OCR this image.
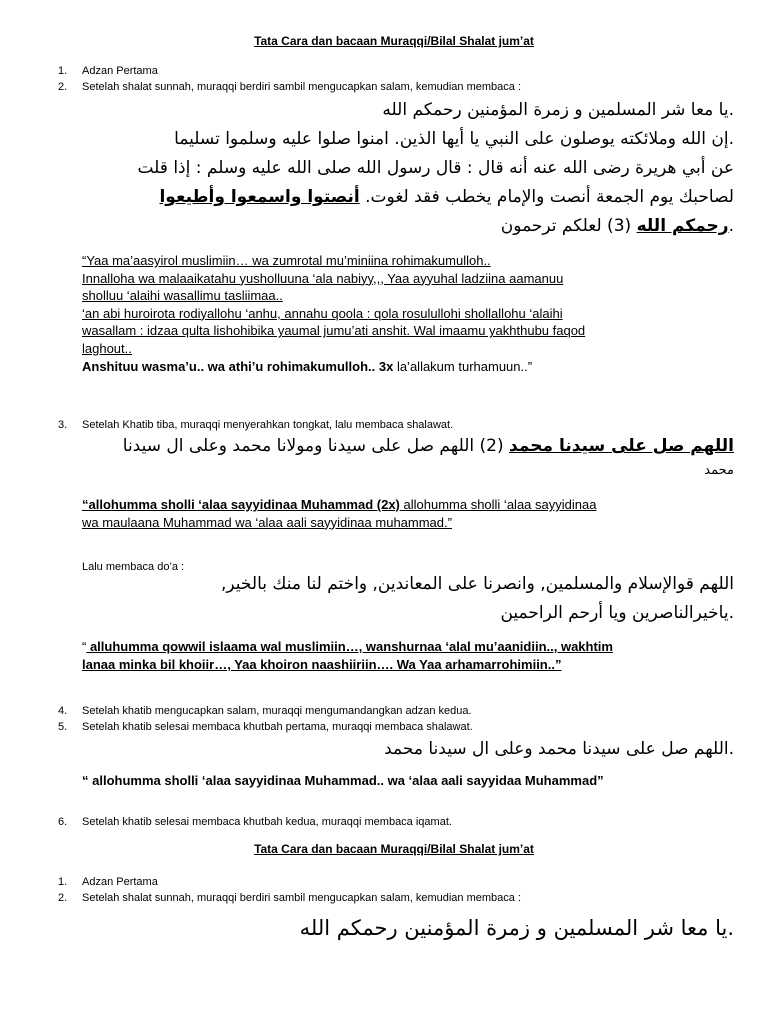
Tata Cara dan bacaan Muraqqi/Bilal Shalat jum’at
1. Adzan Pertama
2. Setelah shalat sunnah, muraqqi berdiri sambil mengucapkan salam, kemudian membaca :
.يا معا شر المسلمين و زمرة المؤمنين رحمكم الله
.إن الله وملائكته يوصلون على النبي يا أيها الذين. امنوا صلوا عليه وسلموا تسليما
عن أبي هريرة رضى الله عنه أنه قال : قال رسول الله صلى الله عليه وسلم : إذا قلت
لصاحبك يوم الجمعة أنصت والإمام يخطب فقد لغوت. أنصتوا واسمعوا وأطيعوا
.رحمكم الله (3) لعلكم ترحمون
“Yaa ma’aasyirol muslimiin… wa zumrotal mu’miniina rohimakumulloh..
Innalloha wa malaaikatahu yusholluuna ‘ala nabiyy,,, Yaa ayyuhal ladziina aamanuu
sholluu ‘alaihi wasallimu tasliimaa..
‘an abi huroirota rodiyallohu ‘anhu, annahu qoola : qola rosulullohi shollallohu ‘alaihi
wasallam : idzaa qulta lishohibika yaumal jumu’ati anshit. Wal imaamu yakhthubu faqod
laghout..
Anshituu wasma’u.. wa athi’u rohimakumulloh.. 3x la’allakum turhamuun..”
3. Setelah Khatib tiba, muraqqi menyerahkan tongkat, lalu membaca shalawat.
اللهم صل على سيدنا محمد (2) اللهم صل على سيدنا ومولانا محمد وعلى ال سيدنا
محمد
“allohumma sholli ‘alaa sayyidinaa Muhammad (2x) allohumma sholli ‘alaa sayyidinaa
wa maulaana Muhammad wa ‘alaa aali sayyidinaa muhammad.”
Lalu membaca do’a :
اللهم قوالإسلام والمسلمين, وانصرنا على المعاندين, واختم لنا منك بالخير,
.ياخيرالناصرين ويا أرحم الراحمين
“ alluhumma qowwil islaama wal muslimiin…, wanshurnaa ‘alal mu’aanidiin.., wakhtim
lanaa minka bil khoiir…, Yaa khoiron naashiiriin…. Wa Yaa arhamarrohimiin..”
4. Setelah khatib mengucapkan salam, muraqqi mengumandangkan adzan kedua.
5. Setelah khatib selesai membaca khutbah pertama, muraqqi membaca shalawat.
.اللهم صل على سيدنا محمد وعلى ال سيدنا محمد
“ allohumma sholli ‘alaa sayyidinaa Muhammad.. wa ‘alaa aali sayyidaa Muhammad”
6. Setelah khatib selesai membaca khutbah kedua, muraqqi membaca iqamat.
Tata Cara dan bacaan Muraqqi/Bilal Shalat jum’at
1. Adzan Pertama
2. Setelah shalat sunnah, muraqqi berdiri sambil mengucapkan salam, kemudian membaca :
.يا معا شر المسلمين و زمرة المؤمنين رحمكم الله
